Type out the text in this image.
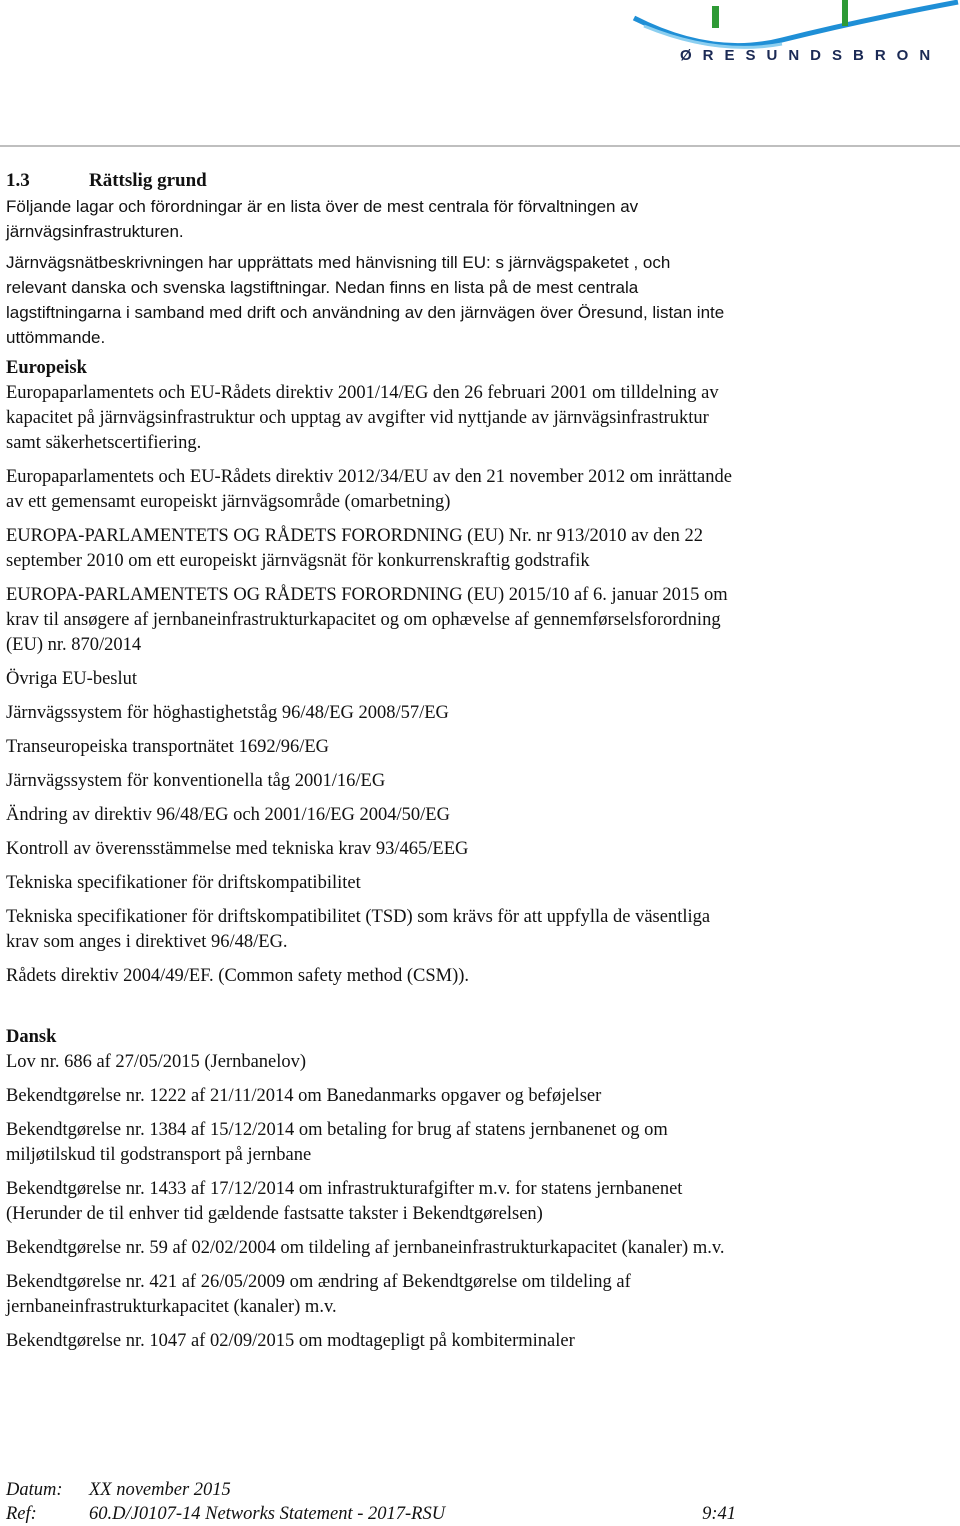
ØRESUNDSBRON
1.3	Rättslig grund

Följande lagar och förordningar är en lista över de mest centrala för förvaltningen av järnvägsinfrastrukturen.

Järnvägsnätbeskrivningen har upprättats med hänvisning till EU: s järnvägspaketet , och relevant danska och svenska lagstiftningar. Nedan finns en lista på de mest centrala lagstiftningarna i samband med drift och användning av den järnvägen över Öresund, listan inte uttömmande.

Europeisk

Europaparlamentets och EU-Rådets direktiv 2001/14/EG den 26 februari 2001 om tilldelning av kapacitet på järnvägsinfrastruktur och upptag av avgifter vid nyttjande av järnvägsinfrastruktur samt säkerhetscertifiering.

Europaparlamentets och EU-Rådets direktiv 2012/34/EU av den 21 november 2012 om inrättande av ett gemensamt europeiskt järnvägsområde (omarbetning)

EUROPA-PARLAMENTETS OG RÅDETS FORORDNING (EU) Nr. nr 913/2010 av den 22 september 2010 om ett europeiskt järnvägsnät för konkurrenskraftig godstrafik

EUROPA-PARLAMENTETS OG RÅDETS FORORDNING (EU) 2015/10 af 6. januar 2015 om krav til ansøgere af jernbaneinfrastrukturkapacitet og om ophævelse af gennemførselsforordning (EU) nr. 870/2014

Övriga EU-beslut

Järnvägssystem för höghastighetståg 96/48/EG 2008/57/EG

Transeuropeiska transportnätet 1692/96/EG

Järnvägssystem för konventionella tåg 2001/16/EG

Ändring av direktiv 96/48/EG och 2001/16/EG 2004/50/EG

Kontroll av överensstämmelse med tekniska krav 93/465/EEG

Tekniska specifikationer för driftskompatibilitet

Tekniska specifikationer för driftskompatibilitet (TSD) som krävs för att uppfylla de väsentliga krav som anges i direktivet 96/48/EG.

Rådets direktiv 2004/49/EF. (Common safety method (CSM)).

Dansk

Lov nr. 686 af 27/05/2015 (Jernbanelov)

Bekendtgørelse nr. 1222 af 21/11/2014 om Banedanmarks opgaver og beføjelser

Bekendtgørelse nr. 1384 af 15/12/2014 om betaling for brug af statens jernbanenet og om miljøtilskud til godstransport på jernbane

Bekendtgørelse nr. 1433 af 17/12/2014 om infrastrukturafgifter m.v. for statens jernbanenet (Herunder de til enhver tid gældende fastsatte takster i Bekendtgørelsen)

Bekendtgørelse nr. 59 af 02/02/2004 om tildeling af jernbaneinfrastrukturkapacitet (kanaler) m.v.

Bekendtgørelse nr. 421 af 26/05/2009 om ændring af Bekendtgørelse om tildeling af jernbaneinfrastrukturkapacitet (kanaler) m.v.

Bekendtgørelse nr. 1047 af 02/09/2015 om modtagepligt på kombiterminaler

Datum:	XX november 2015
Ref:	60.D/J0107-14 Networks Statement - 2017-RSU	9:41
